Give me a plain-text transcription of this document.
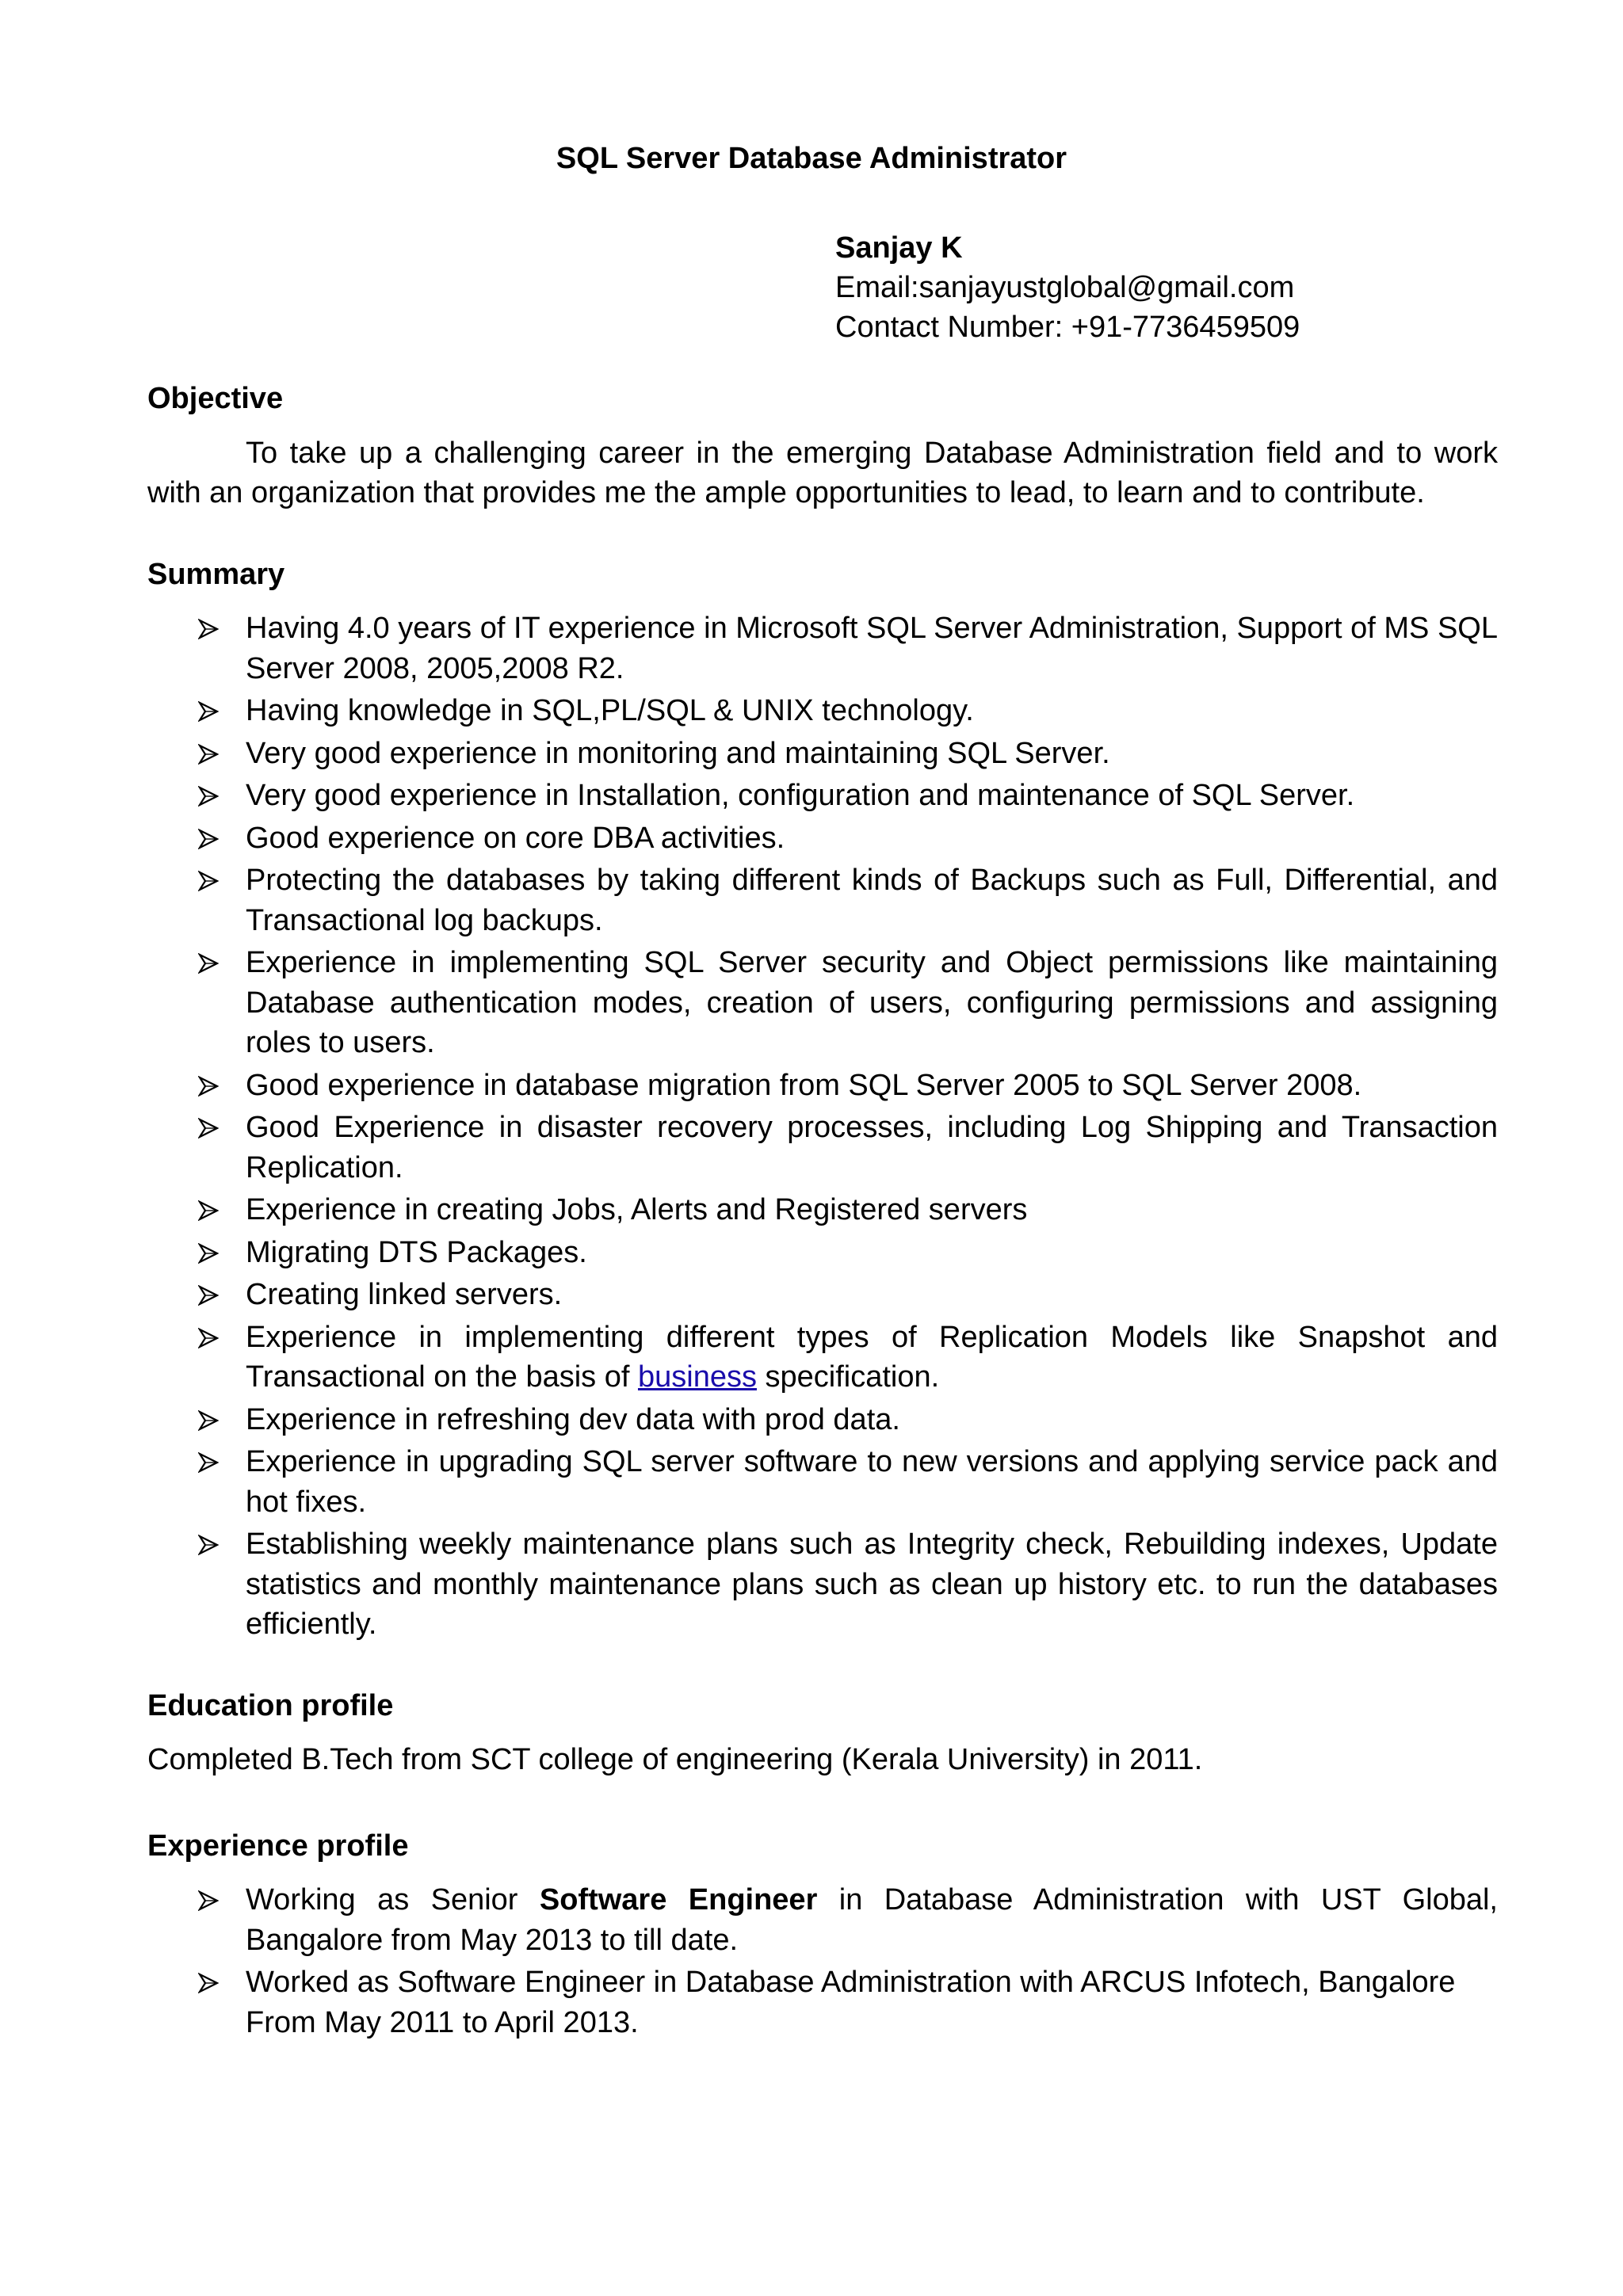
SQL Server Database Administrator
Sanjay K
Email:sanjayustglobal@gmail.com
Contact Number: +91-7736459509
Objective

To take up a challenging career in the emerging Database Administration field and to work with an organization that provides me the ample opportunities to lead, to learn and to contribute.

Summary
Having 4.0 years of IT experience in Microsoft SQL Server Administration, Support of MS SQL Server 2008, 2005,2008 R2.
Having knowledge in SQL,PL/SQL & UNIX technology.
Very good experience in monitoring and maintaining SQL Server.
Very good experience in Installation, configuration and maintenance of SQL Server.
Good experience on core DBA activities.
Protecting the databases by taking different kinds of Backups such as Full, Differential, and Transactional log backups.
Experience in implementing SQL Server security and Object permissions like maintaining Database authentication modes, creation of users, configuring permissions and assigning roles to users.
Good experience in database migration from SQL Server 2005 to SQL Server 2008.
Good Experience in disaster recovery processes, including Log Shipping and Transaction Replication.
Experience in creating Jobs, Alerts and Registered servers
Migrating DTS Packages.
Creating linked servers.
Experience in implementing different types of Replication Models like Snapshot and Transactional on the basis of business specification.
Experience in refreshing dev data with prod data.
Experience in upgrading SQL server software to new versions and applying service pack and hot fixes.
Establishing weekly maintenance plans such as Integrity check, Rebuilding indexes, Update statistics and monthly maintenance plans such as clean up history etc. to run the databases efficiently.
Education profile

Completed B.Tech from SCT college of engineering (Kerala University) in 2011.

Experience profile
Working as Senior Software Engineer in Database Administration with UST Global, Bangalore from May 2013 to till date.
Worked as Software Engineer in Database Administration with ARCUS Infotech, Bangalore From May 2011 to April 2013.
